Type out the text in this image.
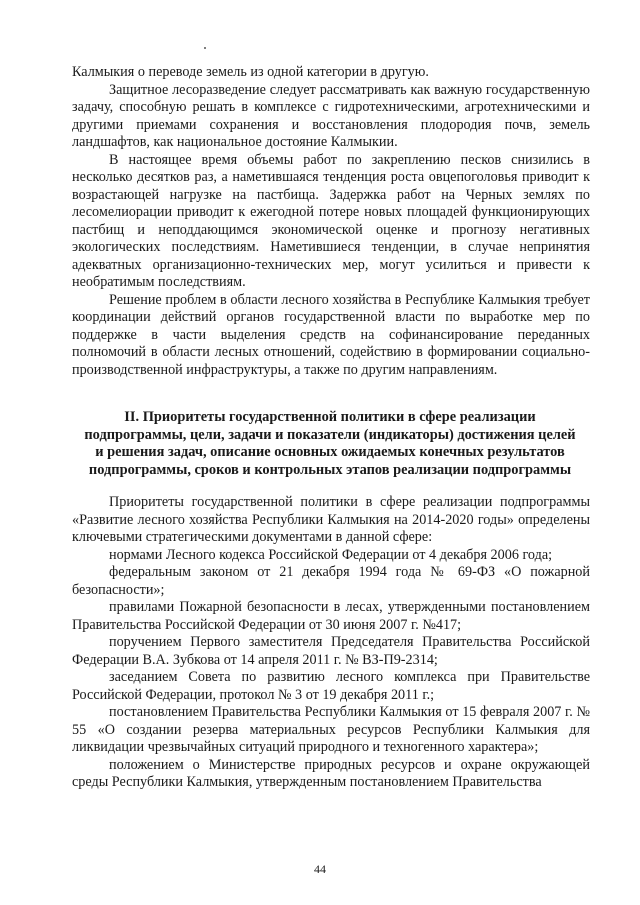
Калмыкия о переводе земель из одной категории в другую.

Защитное лесоразведение следует рассматривать как важную государственную задачу, способную решать в комплексе с гидротехническими, агротехническими и другими приемами сохранения и восстановления плодородия почв, земель ландшафтов, как национальное достояние Калмыкии.

В настоящее время объемы работ по закреплению песков снизились в несколько десятков раз, а наметившаяся тенденция роста овцепоголовья приводит к возрастающей нагрузке на пастбища. Задержка работ на Черных землях по лесомелиорации приводит к ежегодной потере новых площадей функционирующих пастбищ и неподдающимся экономической оценке и прогнозу негативных экологических последствиям. Наметившиеся тенденции, в случае непринятия адекватных организационно-технических мер, могут усилиться и привести к необратимым последствиям.

Решение проблем в области лесного хозяйства в Республике Калмыкия требует координации действий органов государственной власти по выработке мер по поддержке в части выделения средств на софинансирование переданных полномочий в области лесных отношений, содействию в формировании социально-производственной инфраструктуры, а также по другим направлениям.

II. Приоритеты государственной политики в сфере реализации
подпрограммы, цели, задачи и показатели (индикаторы) достижения целей
и решения задач, описание основных ожидаемых конечных результатов
подпрограммы, сроков и контрольных этапов реализации подпрограммы

Приоритеты государственной политики в сфере реализации подпрограммы «Развитие лесного хозяйства Республики Калмыкия на 2014-2020 годы» определены ключевыми стратегическими документами в данной сфере:

нормами Лесного кодекса Российской Федерации от 4 декабря 2006 года;

федеральным законом от 21 декабря 1994 года № 69-ФЗ «О пожарной безопасности»;

правилами Пожарной безопасности в лесах, утвержденными постановлением Правительства Российской Федерации от 30 июня 2007 г. №417;

поручением Первого заместителя Председателя Правительства Российской Федерации В.А. Зубкова от 14 апреля 2011 г. № ВЗ-П9-2314;

заседанием Совета по развитию лесного комплекса при Правительстве Российской Федерации, протокол № 3 от 19 декабря 2011 г.;

постановлением Правительства Республики Калмыкия от 15 февраля 2007 г. № 55 «О создании резерва материальных ресурсов Республики Калмыкия для ликвидации чрезвычайных ситуаций природного и техногенного характера»;

положением о Министерстве природных ресурсов и охране окружающей среды Республики Калмыкия, утвержденным постановлением Правительства

44
